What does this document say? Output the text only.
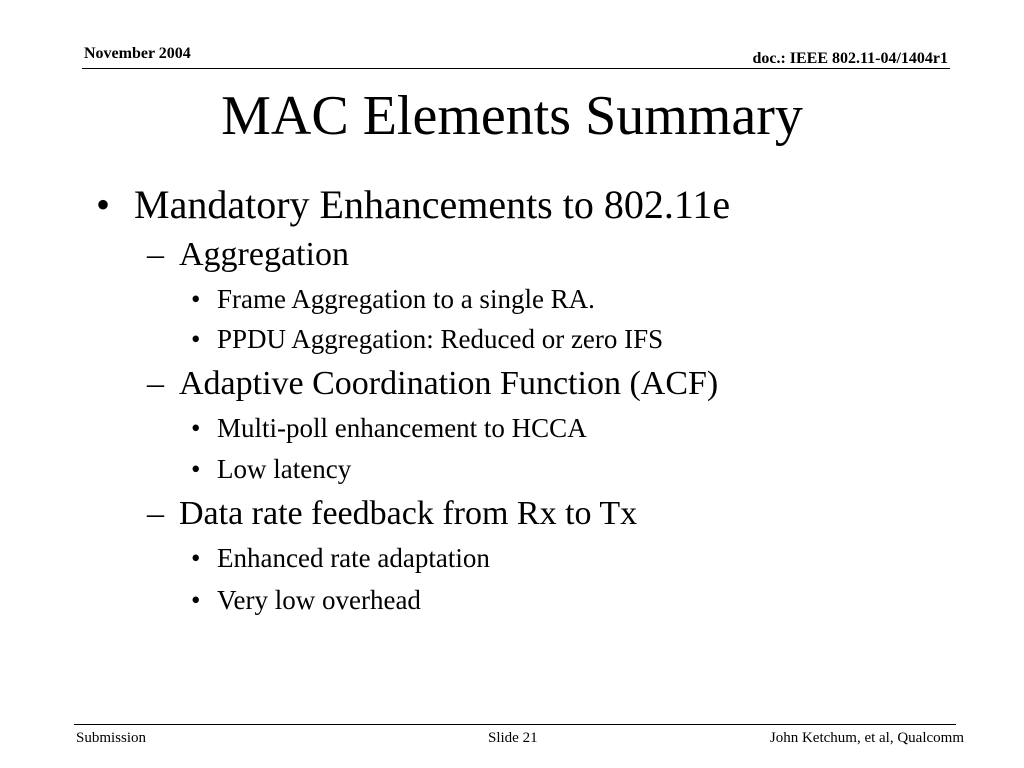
November 2004	doc.: IEEE 802.11-04/1404r1
MAC Elements Summary
• Mandatory Enhancements to 802.11e
– Aggregation
• Frame Aggregation to a single RA.
• PPDU Aggregation: Reduced or zero IFS
– Adaptive Coordination Function (ACF)
• Multi-poll enhancement to HCCA
• Low latency
– Data rate feedback from Rx to Tx
• Enhanced rate adaptation
• Very low overhead
Submission	Slide 21	John Ketchum, et al, Qualcomm
